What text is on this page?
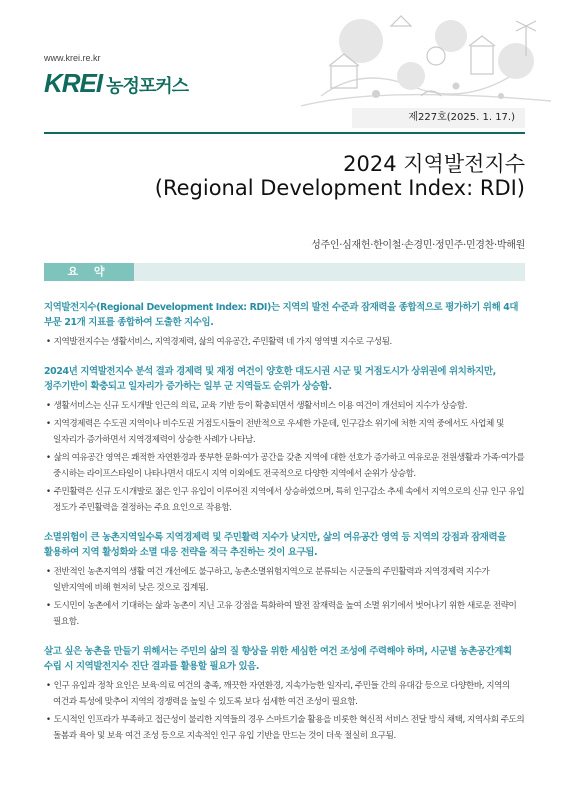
www.krei.re.kr
KREI 농정포커스
제227호(2025. 1. 17.)
2024 지역발전지수
(Regional Development Index: RDI)
성주인·심재헌·한이철·손경민·정민주·민경찬·박해원
요 약

지역발전지수(Regional Development Index: RDI)는 지역의 발전 수준과 잠재력을 종합적으로 평가하기 위해 4대 부문 21개 지표를 종합하여 도출한 지수임.

• 지역발전지수는 생활서비스, 지역경제력, 삶의 여유공간, 주민활력 네 가지 영역별 지수로 구성됨.

2024년 지역발전지수 분석 결과 경제력 및 재정 여건이 양호한 대도시권 시군 및 거점도시가 상위권에 위치하지만, 정주기반이 확충되고 일자리가 증가하는 일부 군 지역들도 순위가 상승함.

• 생활서비스는 신규 도시개발 인근의 의료, 교육 기반 등이 확충되면서 생활서비스 이용 여건이 개선되어 지수가 상승함.

• 지역경제력은 수도권 지역이나 비수도권 거점도시들이 전반적으로 우세한 가운데, 인구감소 위기에 처한 지역 중에서도 사업체 및 일자리가 증가하면서 지역경제력이 상승한 사례가 나타남.

• 삶의 여유공간 영역은 쾌적한 자연환경과 풍부한 문화·여가 공간을 갖춘 지역에 대한 선호가 증가하고 여유로운 전원생활과 가족·여가를 중시하는 라이프스타일이 나타나면서 대도시 지역 이외에도 전국적으로 다양한 지역에서 순위가 상승함.

• 주민활력은 신규 도시개발로 젊은 인구 유입이 이루어진 지역에서 상승하였으며, 특히 인구감소 추세 속에서 지역으로의 신규 인구 유입 정도가 주민활력을 결정하는 주요 요인으로 작용함.

소멸위험이 큰 농촌지역일수록 지역경제력 및 주민활력 지수가 낮지만, 삶의 여유공간 영역 등 지역의 강점과 잠재력을 활용하여 지역 활성화와 소멸 대응 전략을 적극 추진하는 것이 요구됨.

• 전반적인 농촌지역의 생활 여건 개선에도 불구하고, 농촌소멸위험지역으로 분류되는 시군들의 주민활력과 지역경제력 지수가 일반지역에 비해 현저히 낮은 것으로 집계됨.

• 도시민이 농촌에서 기대하는 삶과 농촌이 지닌 고유 강점을 특화하여 발전 잠재력을 높여 소멸 위기에서 벗어나기 위한 새로운 전략이 필요함.

살고 싶은 농촌을 만들기 위해서는 주민의 삶의 질 향상을 위한 세심한 여건 조성에 주력해야 하며, 시군별 농촌공간계획 수립 시 지역발전지수 진단 결과를 활용할 필요가 있음.

• 인구 유입과 정착 요인은 보육·의료 여건의 충족, 깨끗한 자연환경, 지속가능한 일자리, 주민들 간의 유대감 등으로 다양한바, 지역의 여건과 특성에 맞추어 지역의 경쟁력을 높일 수 있도록 보다 섬세한 여건 조성이 필요함.

• 도시적인 인프라가 부족하고 접근성이 불리한 지역들의 경우 스마트기술 활용을 비롯한 혁신적 서비스 전달 방식 채택, 지역사회 주도의 돌봄과 육아 및 보육 여건 조성 등으로 지속적인 인구 유입 기반을 만드는 것이 더욱 절실히 요구됨.
